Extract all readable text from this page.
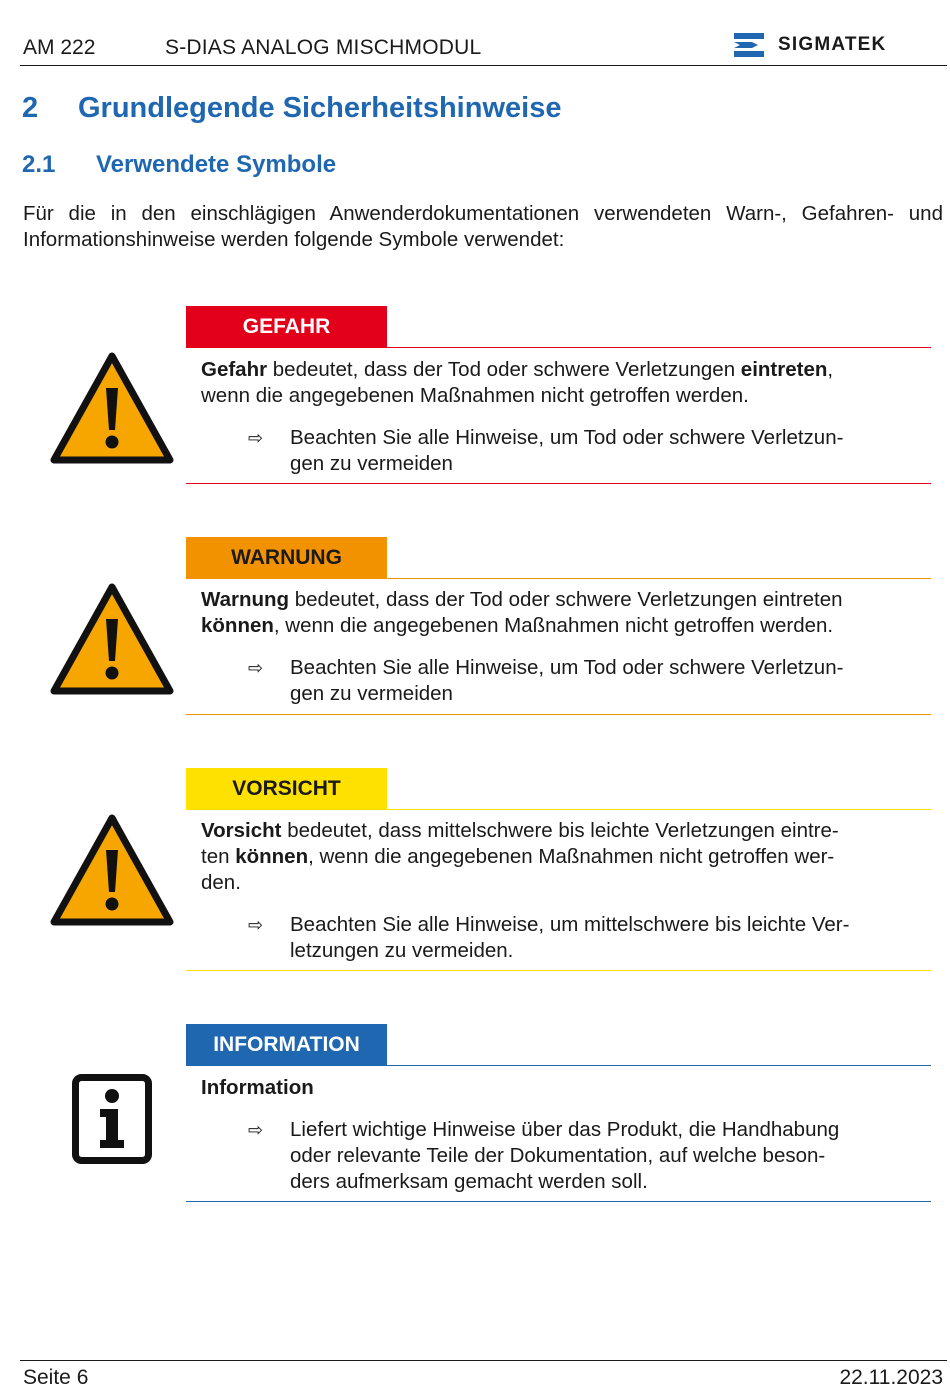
AM 222	S-DIAS ANALOG MISCHMODUL	SIGMATEK
2 Grundlegende Sicherheitshinweise
2.1 Verwendete Symbole
Für die in den einschlägigen Anwenderdokumentationen verwendeten Warn-, Gefahren- und Informationshinweise werden folgende Symbole verwendet:
GEFAHR
Gefahr bedeutet, dass der Tod oder schwere Verletzungen eintreten,
wenn die angegebenen Maßnahmen nicht getroffen werden.
⇨ Beachten Sie alle Hinweise, um Tod oder schwere Verletzun-
gen zu vermeiden
WARNUNG
Warnung bedeutet, dass der Tod oder schwere Verletzungen eintreten
können, wenn die angegebenen Maßnahmen nicht getroffen werden.
⇨ Beachten Sie alle Hinweise, um Tod oder schwere Verletzun-
gen zu vermeiden
VORSICHT
Vorsicht bedeutet, dass mittelschwere bis leichte Verletzungen eintre-
ten können, wenn die angegebenen Maßnahmen nicht getroffen wer-
den.
⇨ Beachten Sie alle Hinweise, um mittelschwere bis leichte Ver-
letzungen zu vermeiden.
INFORMATION
Information
⇨ Liefert wichtige Hinweise über das Produkt, die Handhabung
oder relevante Teile der Dokumentation, auf welche beson-
ders aufmerksam gemacht werden soll.
Seite 6	22.11.2023
